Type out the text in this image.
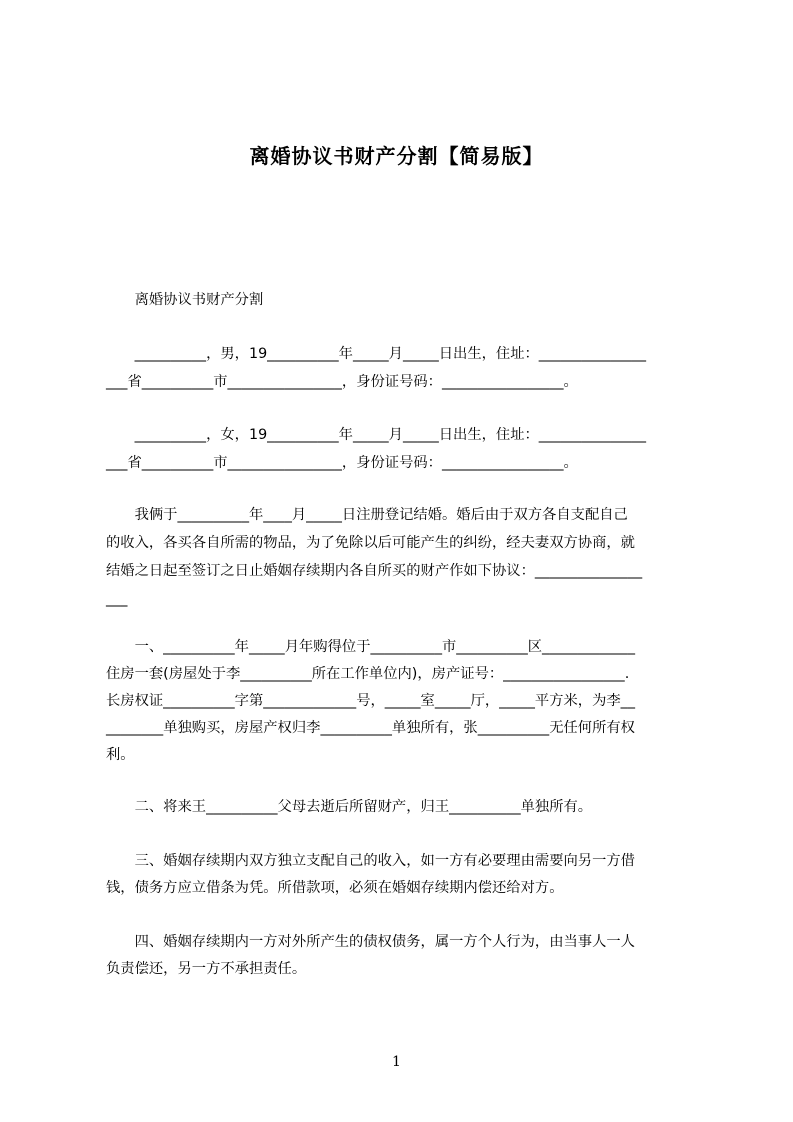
离婚协议书财产分割【简易版】
　　离婚协议书财产分割
　　__________，男，19__________年_____月_____日出生，住址：_______________
___省__________市________________，身份证号码：_________________。
　　__________，女，19__________年_____月_____日出生，住址：_______________
___省__________市________________，身份证号码：_________________。
　　我俩于__________年____月_____日注册登记结婚。婚后由于双方各自支配自己
的收入，各买各自所需的物品，为了免除以后可能产生的纠纷，经夫妻双方协商，就
结婚之日起至签订之日止婚姻存续期内各自所买的财产作如下协议：_______________
___
　　一、__________年_____月年购得位于__________市__________区_____________
住房一套(房屋处于李__________所在工作单位内)，房产证号：_________________.
长房权证__________字第_____________号，_____室_____厅，_____平方米，为李__
________单独购买，房屋产权归李__________单独所有，张__________无任何所有权
利。
　　二、将来王__________父母去逝后所留财产，归王__________单独所有。
　　三、婚姻存续期内双方独立支配自己的收入，如一方有必要理由需要向另一方借
钱，债务方应立借条为凭。所借款项，必须在婚姻存续期内偿还给对方。
　　四、婚姻存续期内一方对外所产生的债权债务，属一方个人行为，由当事人一人
负责偿还，另一方不承担责任。
1
